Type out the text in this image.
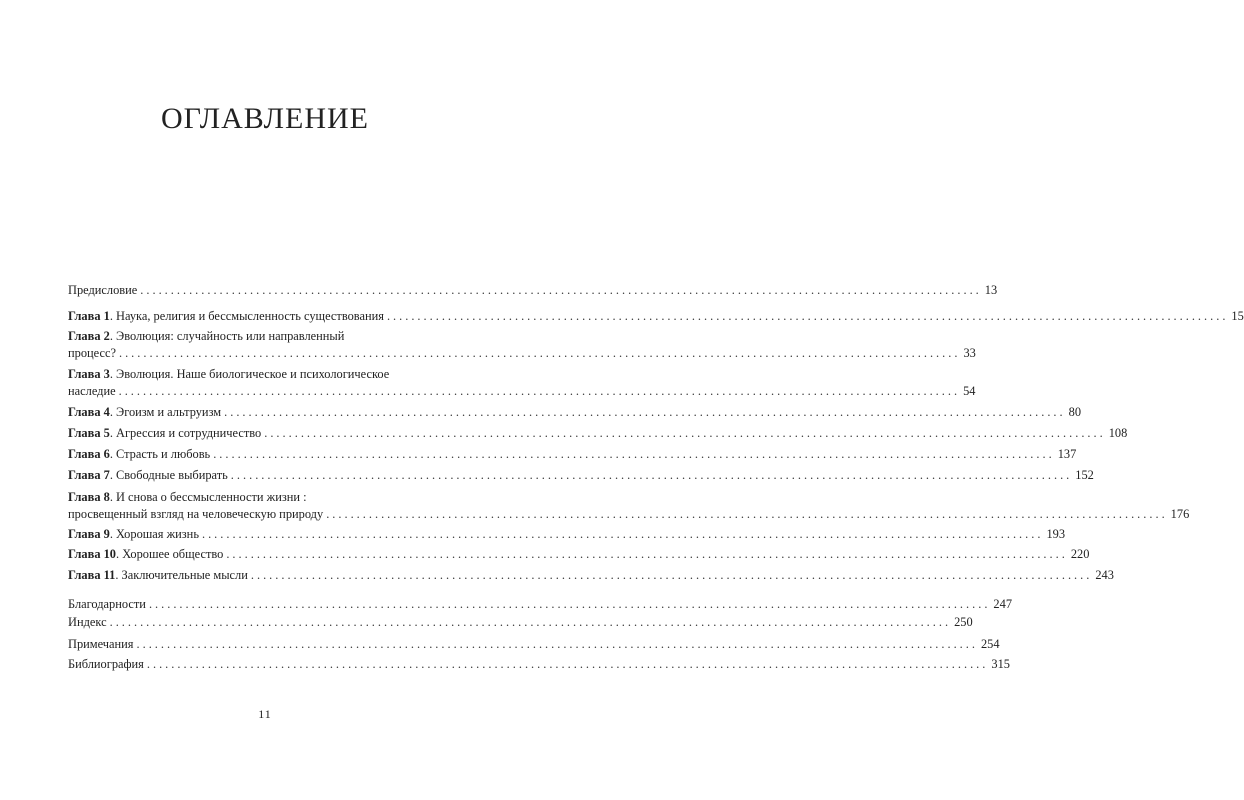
ОГЛАВЛЕНИЕ
Предисловие .......................................................................................................................................... 13
Глава 1. Наука, религия и бессмысленность существования .......................................................................................................................................... 15
Глава 2. Эволюция: случайность или направленный
процесс? .......................................................................................................................................... 33
Глава 3. Эволюция. Наше биологическое и психологическое
наследие .......................................................................................................................................... 54
Глава 4. Эгоизм и альтруизм .......................................................................................................................................... 80
Глава 5. Агрессия и сотрудничество .......................................................................................................................................... 108
Глава 6. Страсть и любовь .......................................................................................................................................... 137
Глава 7. Свободные выбирать .......................................................................................................................................... 152
Глава 8. И снова о бессмысленности жизни :
просвещенный взгляд на человеческую природу .......................................................................................................................................... 176
Глава 9. Хорошая жизнь .......................................................................................................................................... 193
Глава 10. Хорошее общество .......................................................................................................................................... 220
Глава 11. Заключительные мысли .......................................................................................................................................... 243
Благодарности .......................................................................................................................................... 247
Индекс .......................................................................................................................................... 250
Примечания .......................................................................................................................................... 254
Библиография .......................................................................................................................................... 315
11
